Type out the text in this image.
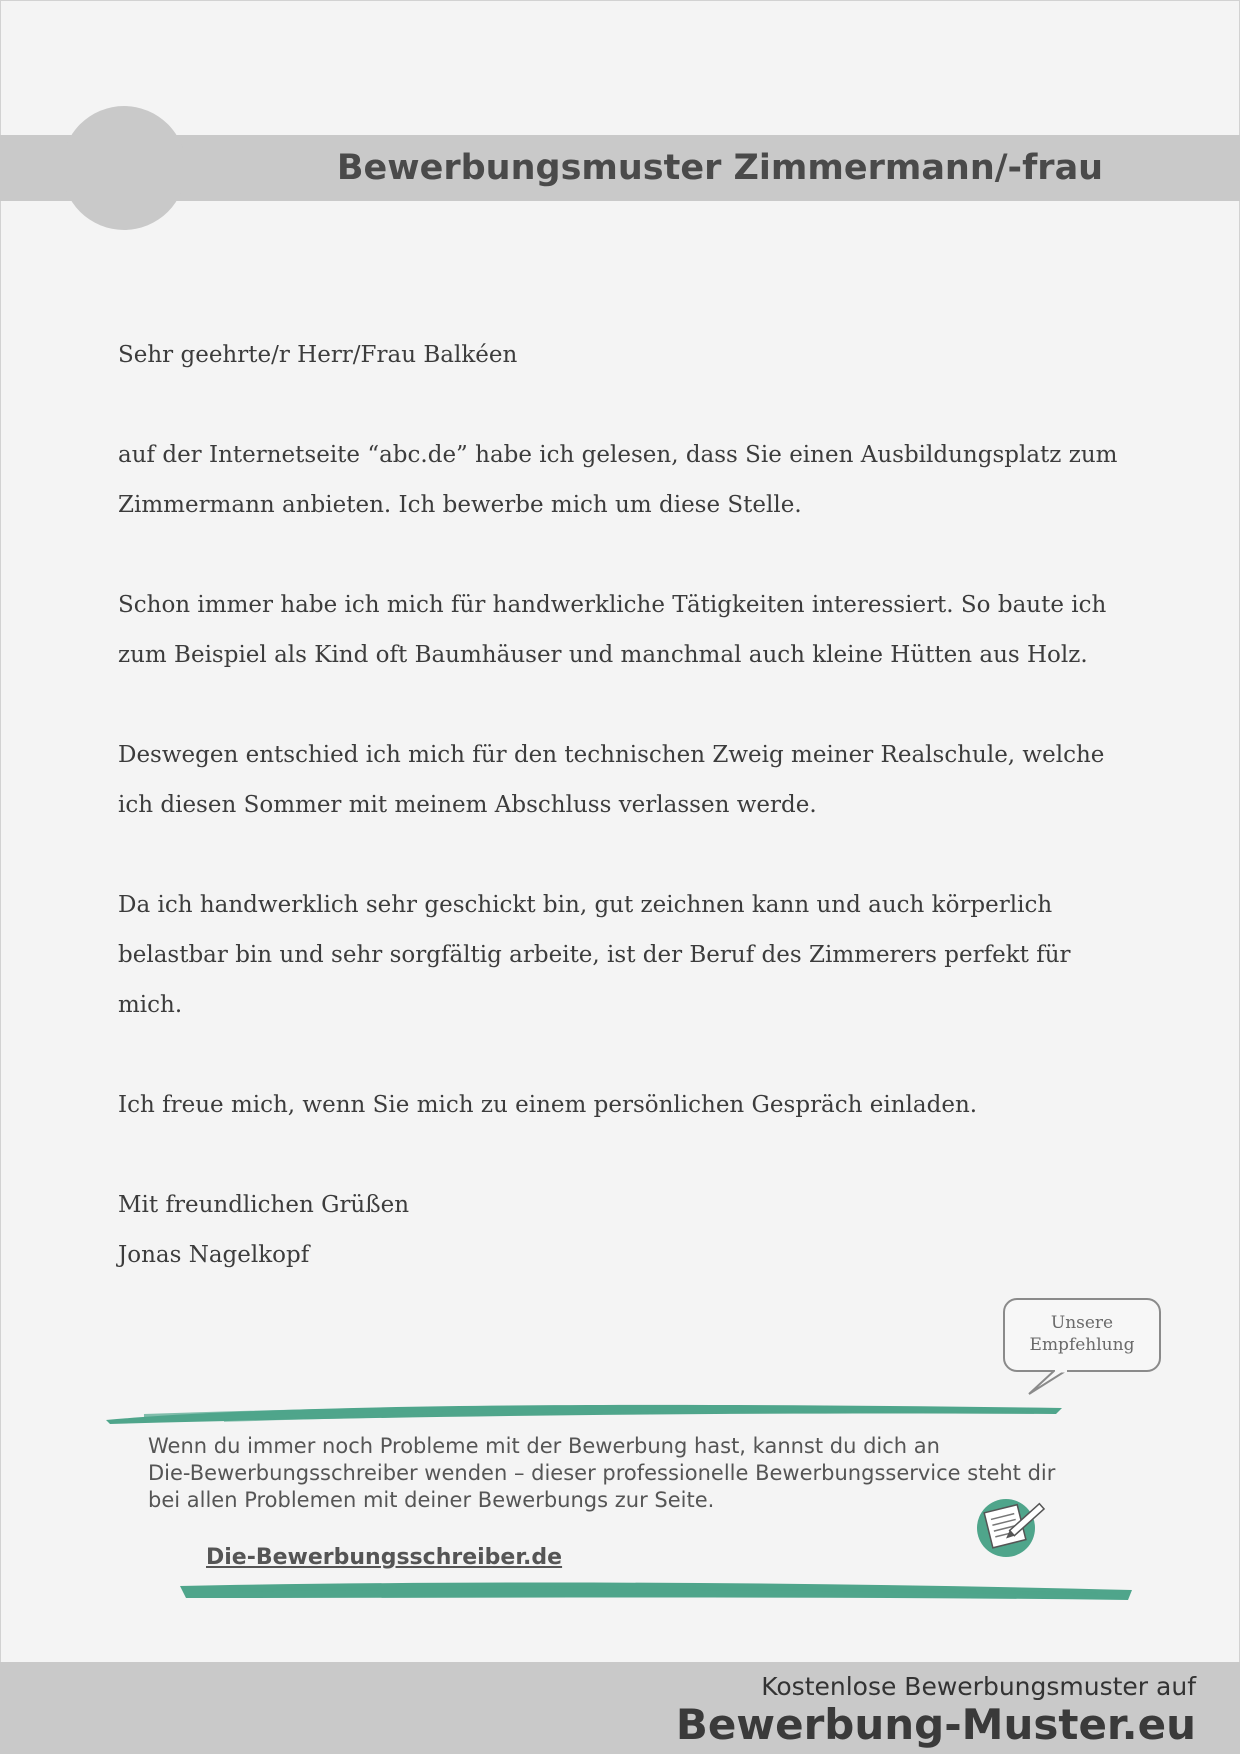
Bewerbungsmuster Zimmermann/-frau
Sehr geehrte/r Herr/Frau Balkéen
auf der Internetseite “abc.de” habe ich gelesen, dass Sie einen Ausbildungsplatz zum
Zimmermann anbieten. Ich bewerbe mich um diese Stelle.
Schon immer habe ich mich für handwerkliche Tätigkeiten interessiert. So baute ich
zum Beispiel als Kind oft Baumhäuser und manchmal auch kleine Hütten aus Holz.
Deswegen entschied ich mich für den technischen Zweig meiner Realschule, welche
ich diesen Sommer mit meinem Abschluss verlassen werde.
Da ich handwerklich sehr geschickt bin, gut zeichnen kann und auch körperlich
belastbar bin und sehr sorgfältig arbeite, ist der Beruf des Zimmerers perfekt für
mich.
Ich freue mich, wenn Sie mich zu einem persönlichen Gespräch einladen.
Mit freundlichen Grüßen
Jonas Nagelkopf
Unsere
Empfehlung
Wenn du immer noch Probleme mit der Bewerbung hast, kannst du dich an
Die-Bewerbungsschreiber wenden – dieser professionelle Bewerbungsservice steht dir
bei allen Problemen mit deiner Bewerbungs zur Seite.
Die-Bewerbungsschreiber.de
Kostenlose Bewerbungsmuster auf
Bewerbung-Muster.eu
